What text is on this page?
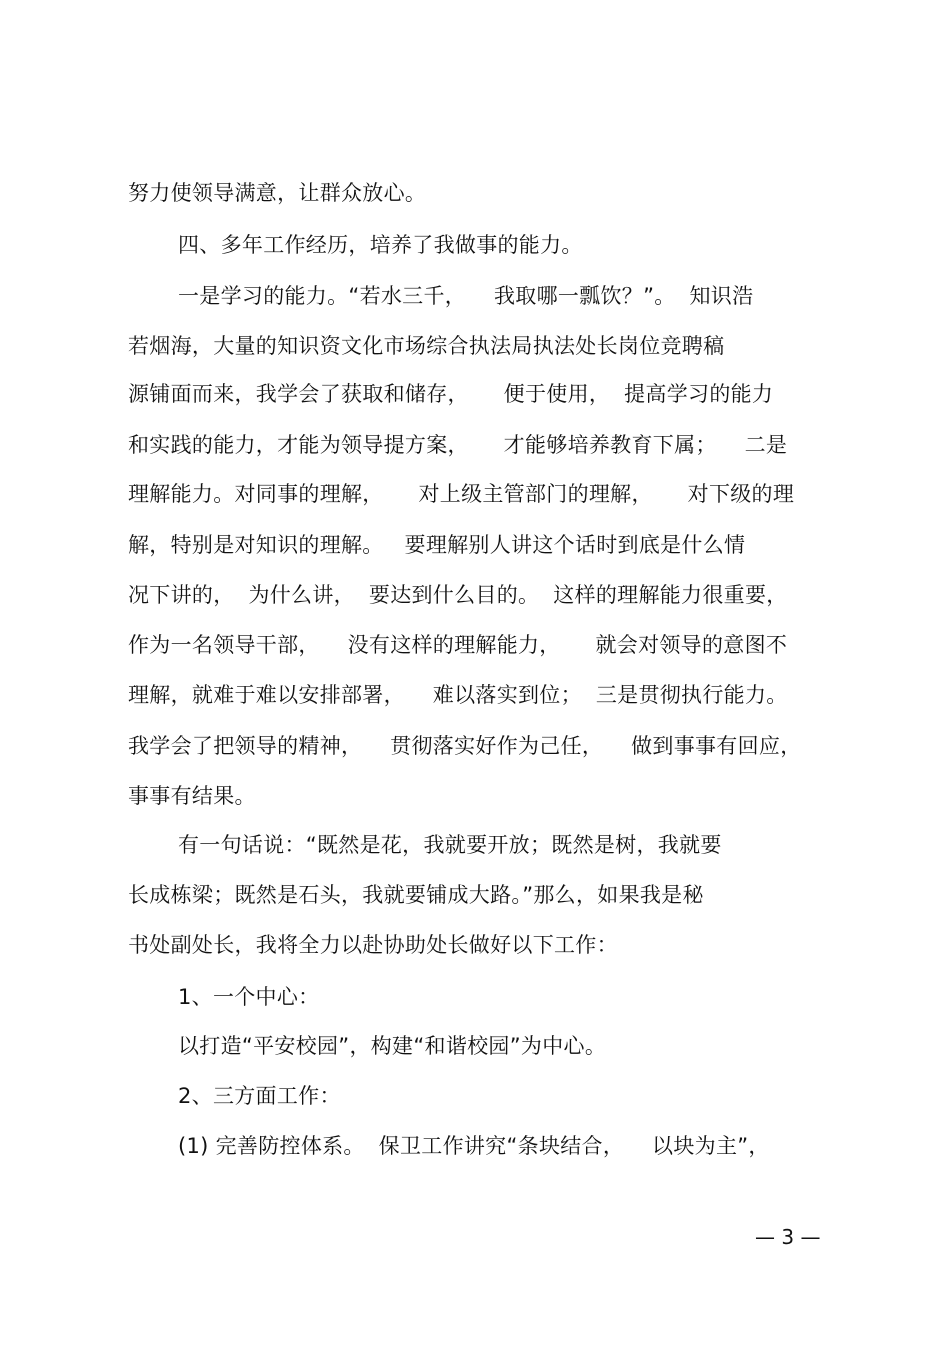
努力使领导满意，让群众放心。
四、多年工作经历，培养了我做事的能力。
一是学习的能力。“若水三千，    我取哪一瓢饮？”。  知识浩
若烟海，大量的知识资文化市场综合执法局执法处长岗位竞聘稿
源铺面而来，我学会了获取和储存，     便于使用，  提高学习的能力
和实践的能力，才能为领导提方案，     才能够培养教育下属；    二是
理解能力。对同事的理解，     对上级主管部门的理解，     对下级的理
解，特别是对知识的理解。   要理解别人讲这个话时到底是什么情
况下讲的，  为什么讲，  要达到什么目的。  这样的理解能力很重要，
作为一名领导干部，    没有这样的理解能力，     就会对领导的意图不
理解，就难于难以安排部署，    难以落实到位；  三是贯彻执行能力。
我学会了把领导的精神，    贯彻落实好作为己任，    做到事事有回应，
事事有结果。
有一句话说：“既然是花，我就要开放；既然是树，我就要
长成栋梁；既然是石头，我就要铺成大路。”那么，如果我是秘
书处副处长，我将全力以赴协助处长做好以下工作：
1、一个中心：
以打造“平安校园”，构建“和谐校园”为中心。
2、三方面工作：
(1) 完善防控体系。  保卫工作讲究“条块结合，    以块为主”，
— 3 —
